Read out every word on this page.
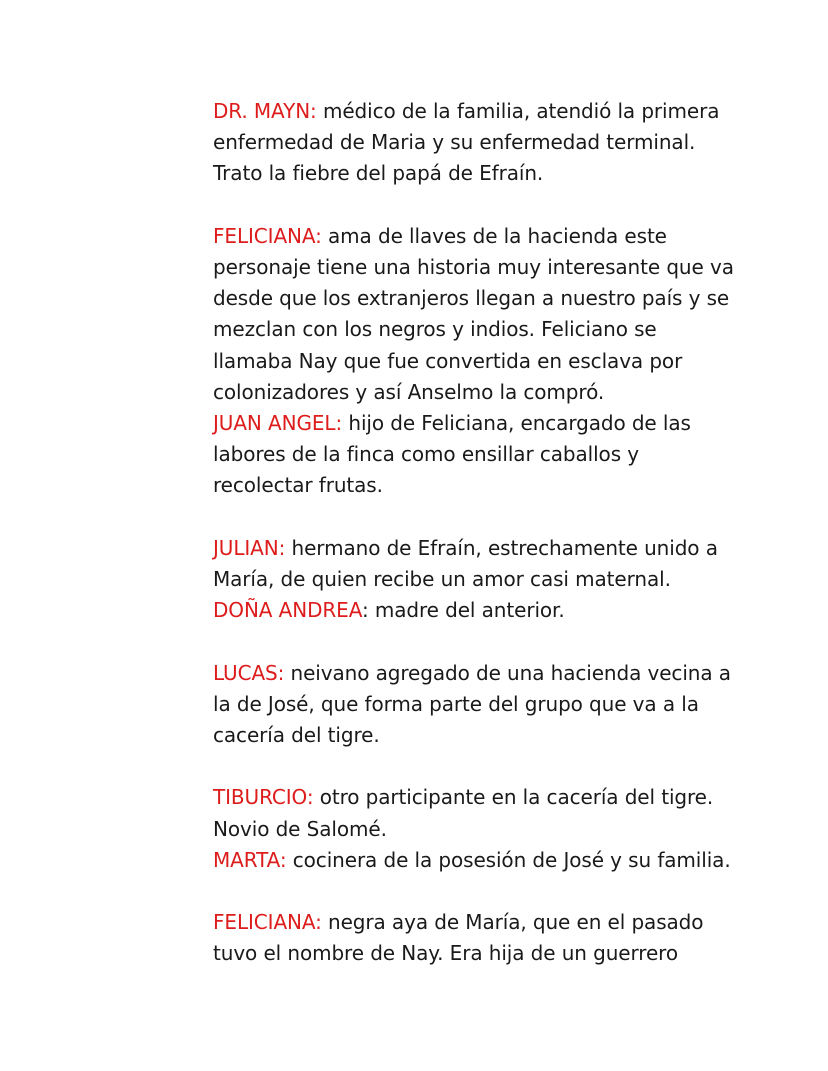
DR. MAYN: médico de la familia, atendió la primera
enfermedad de Maria y su enfermedad terminal.
Trato la fiebre del papá de Efraín.
FELICIANA: ama de llaves de la hacienda este
personaje tiene una historia muy interesante que va
desde que los extranjeros llegan a nuestro país y se
mezclan con los negros y indios. Feliciano se
llamaba Nay que fue convertida en esclava por
colonizadores y así Anselmo la compró.
JUAN ANGEL: hijo de Feliciana, encargado de las
labores de la finca como ensillar caballos y
recolectar frutas.
JULIAN: hermano de Efraín, estrechamente unido a
María, de quien recibe un amor casi maternal.
DOÑA ANDREA: madre del anterior.
LUCAS: neivano agregado de una hacienda vecina a
la de José, que forma parte del grupo que va a la
cacería del tigre.
TIBURCIO: otro participante en la cacería del tigre.
Novio de Salomé.
MARTA: cocinera de la posesión de José y su familia.
FELICIANA: negra aya de María, que en el pasado
tuvo el nombre de Nay. Era hija de un guerrero
